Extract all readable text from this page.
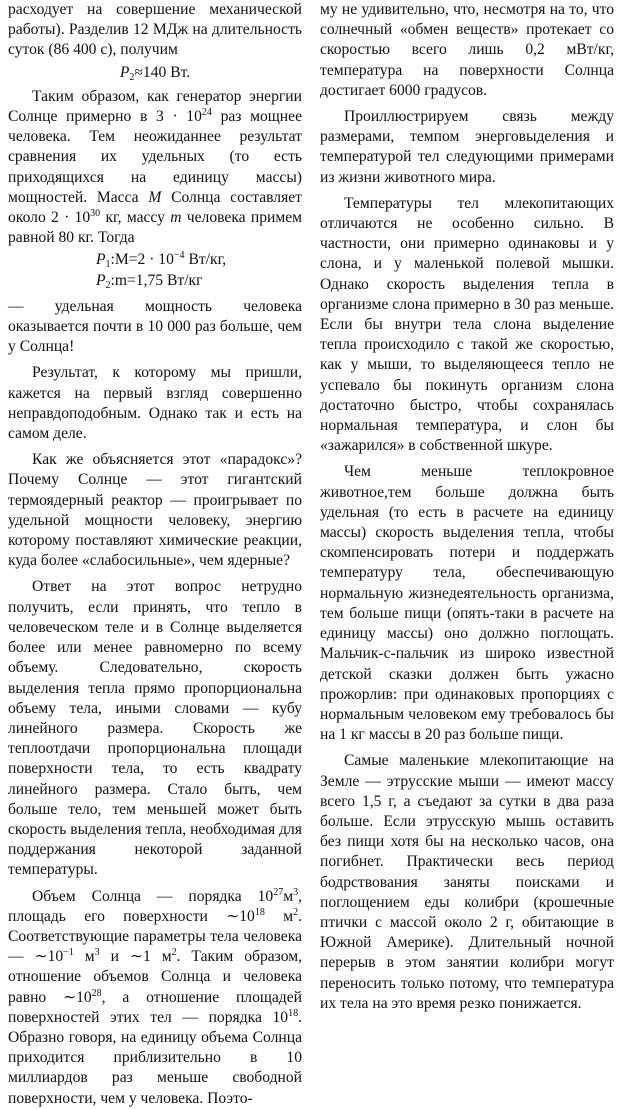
расходует на совершение механической работы). Разделив 12 МДж на длительность суток (86 400 с), получим

$P_2\approx 140$ Вт.

Таким образом, как генератор энергии Солнце примерно в $3 \cdot 10^{24}$ раз мощнее человека. Тем неожиданнее результат сравнения их удельных (то есть приходящихся на единицу массы) мощностей. Масса M Солнца составляет около $2 \cdot 10^{30}$ кг, массу m человека примем равной 80 кг. Тогда

$P_1:M=2 \cdot 10^{-4}$ Вт/кг,
$P_2:m=1,75$ Вт/кг

— удельная мощность человека оказывается почти в 10 000 раз больше, чем у Солнца!

Результат, к которому мы пришли, кажется на первый взгляд совершенно неправдоподобным. Однако так и есть на самом деле.

Как же объясняется этот «парадокс»? Почему Солнце — этот гигантский термоядерный реактор — проигрывает по удельной мощности человеку, энергию которому поставляют химические реакции, куда более «слабосильные», чем ядерные?

Ответ на этот вопрос нетрудно получить, если принять, что тепло в человеческом теле и в Солнце выделяется более или менее равномерно по всему объему. Следовательно, скорость выделения тепла прямо пропорциональна объему тела, иными словами — кубу линейного размера. Скорость же теплоотдачи пропорциональна площади поверхности тела, то есть квадрату линейного размера. Стало быть, чем больше тело, тем меньшей может быть скорость выделения тепла, необходимая для поддержания некоторой заданной температуры.

Объем Солнца — порядка $10^{27}м^3$, площадь его поверхности $\sim 10^{18}$ $м^2$. Соответствующие параметры тела человека — $\sim 10^{-1}$ $м^3$ и ∼1 $м^2$. Таким образом, отношение объемов Солнца и человека равно $\sim 10^{28}$, а отношение площадей поверхностей этих тел — порядка $10^{18}$. Образно говоря, на единицу объема Солнца приходится приблизительно в 10 миллиардов раз меньше свободной поверхности, чем у человека. Поэто-

му не удивительно, что, несмотря на то, что солнечный «обмен веществ» протекает со скоростью всего лишь 0,2 мВт/кг, температура на поверхности Солнца достигает 6000 градусов.

Проиллюстрируем связь между размерами, темпом энерговыделения и температурой тел следующими примерами из жизни животного мира.

Температуры тел млекопитающих отличаются не особенно сильно. В частности, они примерно одинаковы и у слона, и у маленькой полевой мышки. Однако скорость выделения тепла в организме слона примерно в 30 раз меньше. Если бы внутри тела слона выделение тепла происходило с такой же скоростью, как у мыши, то выделяющееся тепло не успевало бы покинуть организм слона достаточно быстро, чтобы сохранялась нормальная температура, и слон бы «зажарился» в собственной шкуре.

Чем меньше теплокровное животное,тем больше должна быть удельная (то есть в расчете на единицу массы) скорость выделения тепла, чтобы скомпенсировать потери и поддержать температуру тела, обеспечивающую нормальную жизнедеятельность организма, тем больше пищи (опять-таки в расчете на единицу массы) оно должно поглощать. Мальчик-с-пальчик из широко известной детской сказки должен быть ужасно прожорлив: при одинаковых пропорциях с нормальным человеком ему требовалось бы на 1 кг массы в 20 раз больше пищи.

Самые маленькие млекопитающие на Земле — этрусские мыши — имеют массу всего 1,5 г, а съедают за сутки в два раза больше. Если этрусскую мышь оставить без пищи хотя бы на несколько часов, она погибнет. Практически весь период бодрствования заняты поисками и поглощением еды колибри (крошечные птички с массой около 2 г, обитающие в Южной Америке). Длительный ночной перерыв в этом занятии колибри могут переносить только потому, что температура их тела на это время резко понижается.
